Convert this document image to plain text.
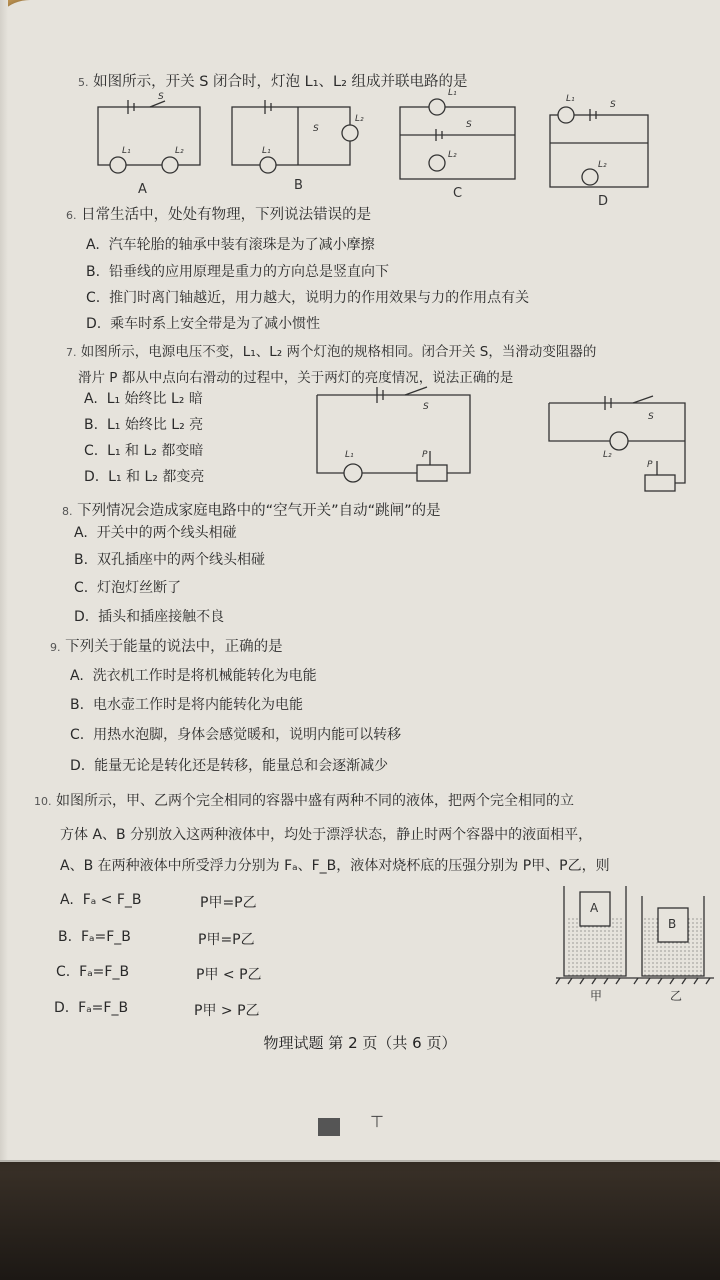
5. 如图所示，开关 S 闭合时，灯泡 L₁、L₂ 组成并联电路的是
A	B
C
D
S
L₁	L₂
S
L₁
L₂
L₁
S
L₂
L₁
S
L₂
6. 日常生活中，处处有物理，下列说法错误的是
A. 汽车轮胎的轴承中装有滚珠是为了减小摩擦
B. 铅垂线的应用原理是重力的方向总是竖直向下
C. 推门时离门轴越近，用力越大，说明力的作用效果与力的作用点有关
D. 乘车时系上安全带是为了减小惯性
7. 如图所示，电源电压不变，L₁、L₂ 两个灯泡的规格相同。闭合开关 S，当滑动变阻器的
滑片 P 都从中点向右滑动的过程中，关于两灯的亮度情况，说法正确的是
A. L₁ 始终比 L₂ 暗
B. L₁ 始终比 L₂ 亮
C. L₁ 和 L₂ 都变暗
D. L₁ 和 L₂ 都变亮
S
L₁	P
S
L₂
P
8. 下列情况会造成家庭电路中的“空气开关”自动“跳闸”的是
A. 开关中的两个线头相碰
B. 双孔插座中的两个线头相碰
C. 灯泡灯丝断了
D. 插头和插座接触不良
9. 下列关于能量的说法中，正确的是
A. 洗衣机工作时是将机械能转化为电能
B. 电水壶工作时是将内能转化为电能
C. 用热水泡脚，身体会感觉暖和，说明内能可以转移
D. 能量无论是转化还是转移，能量总和会逐渐减少
10. 如图所示，甲、乙两个完全相同的容器中盛有两种不同的液体，把两个完全相同的立
方体 A、B 分别放入这两种液体中，均处于漂浮状态，静止时两个容器中的液面相平，
A、B 在两种液体中所受浮力分别为 Fₐ、F_B，液体对烧杯底的压强分别为 P甲、P乙，则
A. Fₐ < F_B	P甲=P乙
B. Fₐ=F_B	P甲=P乙
C. Fₐ=F_B	P甲 < P乙
D. Fₐ=F_B	P甲 > P乙
A
B
甲	乙
物理试题 第 2 页（共 6 页）
⊤
